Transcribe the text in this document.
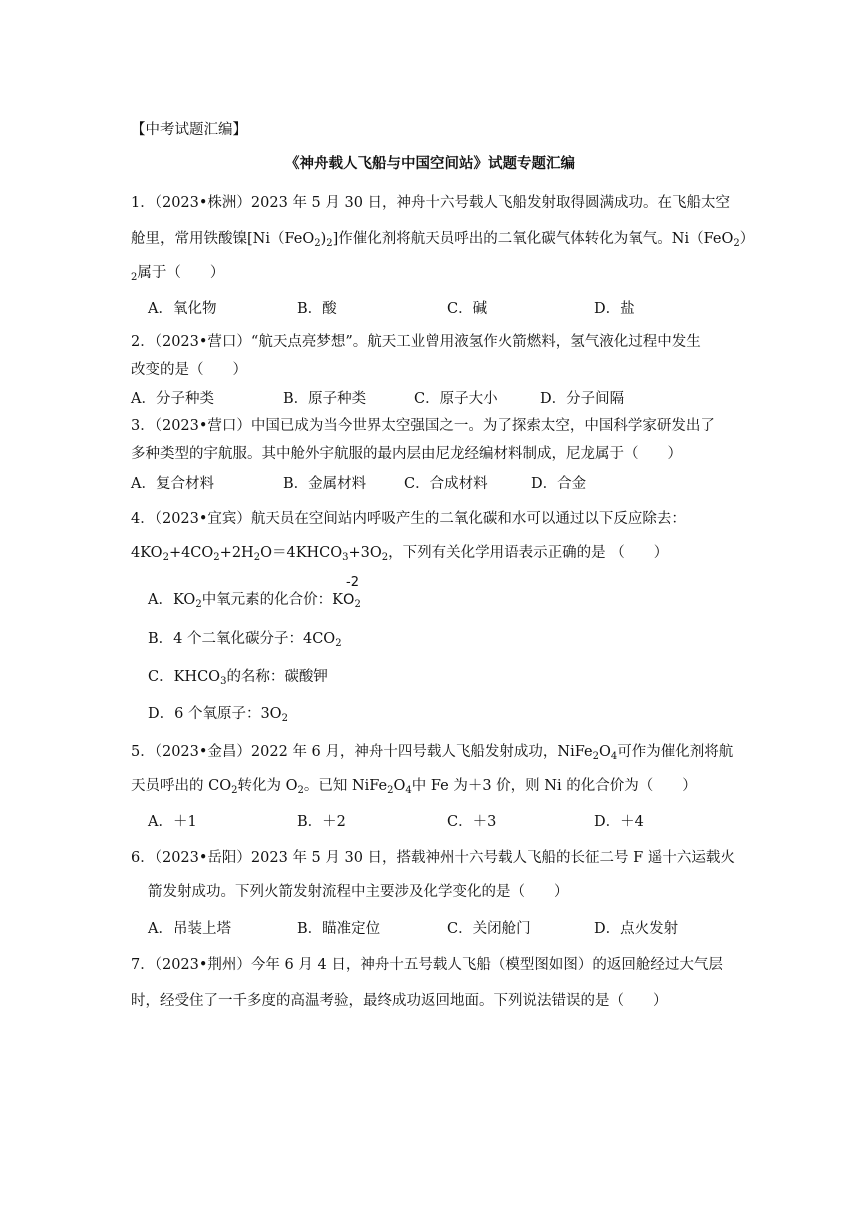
【中考试题汇编】
《神舟载人飞船与中国空间站》试题专题汇编
1．（2023•株洲）2023 年 5 月 30 日，神舟十六号载人飞船发射取得圆满成功。在飞船太空
舱里，常用铁酸镍$[Ni(FeO_2)_2]$作催化剂将航天员呼出的二氧化碳气体转化为氧气。Ni（FeO$_2$）
$_2$属于（　　）
A．氧化物	B．酸	C．碱	D．盐
2．（2023•营口）“航天点亮梦想”。航天工业曾用液氢作火箭燃料，氢气液化过程中发生
改变的是（　　）
A．分子种类	B．原子种类	C．原子大小	D．分子间隔
3．（2023•营口）中国已成为当今世界太空强国之一。为了探索太空，中国科学家研发出了
多种类型的宇航服。其中舱外宇航服的最内层由尼龙经编材料制成，尼龙属于（　　）
A．复合材料	B．金属材料	C．合成材料	D．合金
4．（2023•宜宾）航天员在空间站内呼吸产生的二氧化碳和水可以通过以下反应除去：
$4KO_2+4CO_2+2H_2O=4KHCO_3+3O_2$，下列有关化学用语表示正确的是 （　　）
A．$KO_2$中氧元素的化合价：K
-2
$O_2$
B．4 个二氧化碳分子：$4CO_2$
C．$KHCO_3$的名称：碳酸钾
D．6 个氧原子：$3O_2$
5．（2023•金昌）2022 年 6 月，神舟十四号载人飞船发射成功，$NiFe_2O_4$可作为催化剂将航
天员呼出的 $CO_2$转化为 $O_2$。已知 $NiFe_2O_4$中 Fe 为＋3 价，则 Ni 的化合价为（　　）
A．＋1	B．＋2	C．＋3	D．＋4
6．（2023•岳阳）2023 年 5 月 30 日，搭载神州十六号载人飞船的长征二号 F 遥十六运载火
箭发射成功。下列火箭发射流程中主要涉及化学变化的是（　　）
A．吊装上塔	B．瞄准定位	C．关闭舱门	D．点火发射
7．（2023•荆州）今年 6 月 4 日，神舟十五号载人飞船（模型图如图）的返回舱经过大气层
时，经受住了一千多度的高温考验，最终成功返回地面。下列说法错误的是（　　）
